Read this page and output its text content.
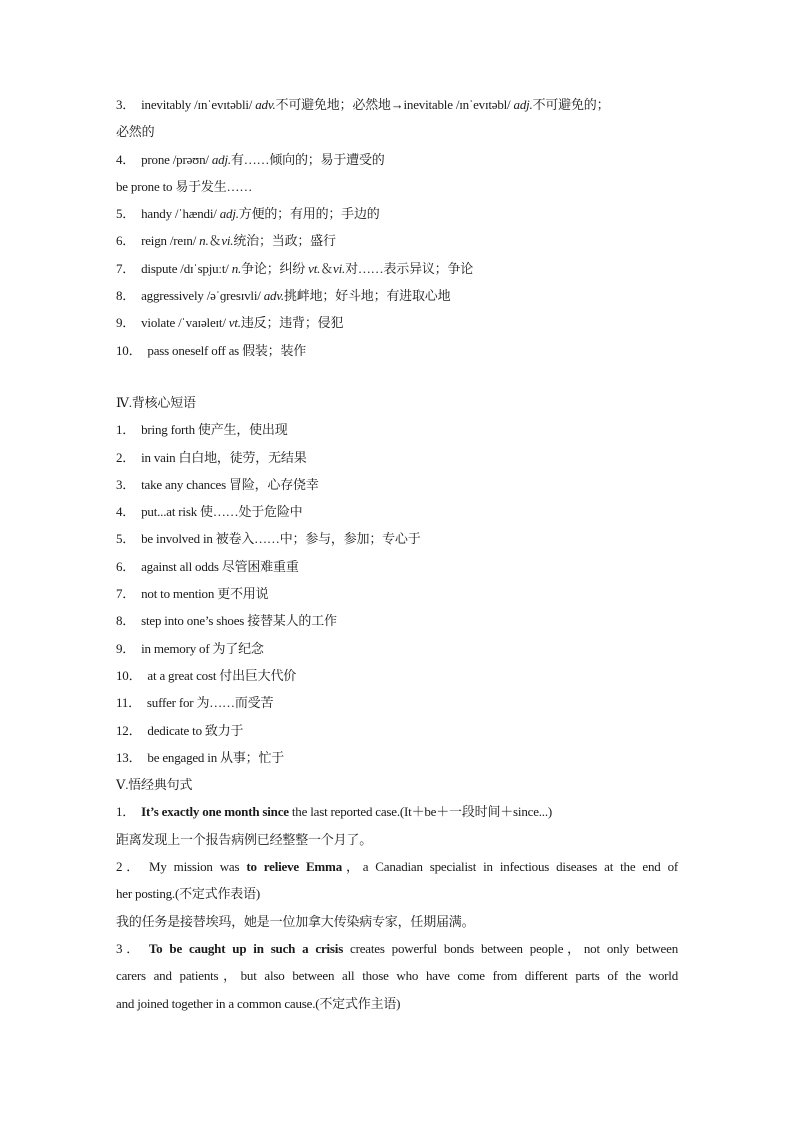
3． inevitably /ɪnˈevɪtəbli/ adv.不可避免地；必然地→inevitable /ɪnˈevɪtəbl/ adj.不可避免的；
必然的
4． prone /prəʊn/ adj.有……倾向的；易于遭受的
be prone to 易于发生……
5． handy /ˈhændi/ adj.方便的；有用的；手边的
6． reign /reɪn/ n.＆vi.统治；当政；盛行
7． dispute /dɪˈspjuːt/ n.争论；纠纷 vt.＆vi.对……表示异议；争论
8． aggressively /əˈɡresɪvli/ adv.挑衅地；好斗地；有进取心地
9． violate /ˈvaɪəleɪt/ vt.违反；违背；侵犯
10． pass oneself off as 假装；装作
Ⅳ.背核心短语
1． bring forth 使产生，使出现
2． in vain 白白地，徒劳，无结果
3． take any chances 冒险，心存侥幸
4． put...at risk 使……处于危险中
5． be involved in 被卷入……中；参与，参加；专心于
6． against all odds 尽管困难重重
7． not to mention 更不用说
8． step into one’s shoes 接替某人的工作
9． in memory of 为了纪念
10． at a great cost 付出巨大代价
11． suffer for 为……而受苦
12． dedicate to 致力于
13． be engaged in 从事；忙于
Ⅴ.悟经典句式
1． It’s exactly one month since the last reported case.(It＋be＋一段时间＋since...)
距离发现上一个报告病例已经整整一个月了。
2． My mission was to relieve Emma，a Canadian specialist in infectious diseases at the end of
her posting.(不定式作表语)
我的任务是接替埃玛，她是一位加拿大传染病专家，任期届满。
3． To be caught up in such a crisis creates powerful bonds between people，not only between
carers and patients，but also between all those who have come from different parts of the world
and joined together in a common cause.(不定式作主语)
